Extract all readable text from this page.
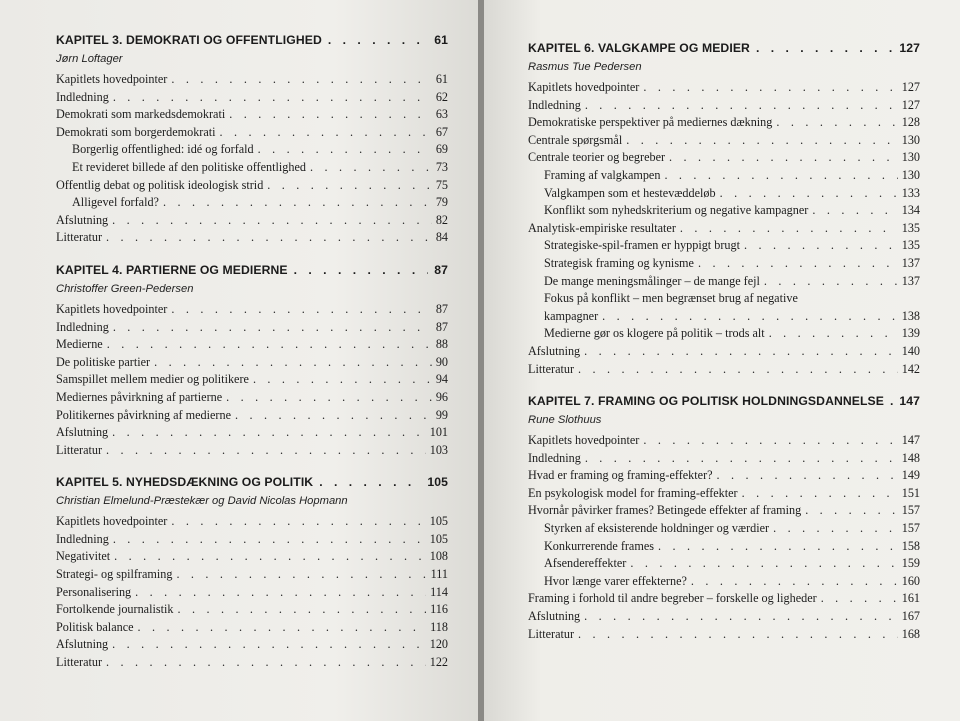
KAPITEL 3. DEMOKRATI OG OFFENTLIGHED . . .	61
Jørn Loftager
Kapitlets hovedpointer . . .	61
Indledning . . .	62
Demokrati som markedsdemokrati . . .	63
Demokrati som borgerdemokrati . . .	67
Borgerlig offentlighed: idé og forfald . . .	69
Et revideret billede af den politiske offentlighed . . .	73
Offentlig debat og politisk ideologisk strid . . .	75
Alligevel forfald? . . .	79
Afslutning . . .	82
Litteratur . . .	84
KAPITEL 4. PARTIERNE OG MEDIERNE . . .	87
Christoffer Green-Pedersen
Kapitlets hovedpointer . . .	87
Indledning . . .	87
Medierne . . .	88
De politiske partier . . .	90
Samspillet mellem medier og politikere . . .	94
Mediernes påvirkning af partierne . . .	96
Politikernes påvirkning af medierne . . .	99
Afslutning . . .	101
Litteratur . . .	103
KAPITEL 5. NYHEDSDÆKNING OG POLITIK . . .	105
Christian Elmelund-Præstekær og David Nicolas Hopmann
Kapitlets hovedpointer . . .	105
Indledning . . .	105
Negativitet . . .	108
Strategi- og spilframing . . .	111
Personalisering . . .	114
Fortolkende journalistik . . .	116
Politisk balance . . .	118
Afslutning . . .	120
Litteratur . . .	122
KAPITEL 6. VALGKAMPE OG MEDIER . . .	127
Rasmus Tue Pedersen
Kapitlets hovedpointer . . .	127
Indledning . . .	127
Demokratiske perspektiver på mediernes dækning . . .	128
Centrale spørgsmål . . .	130
Centrale teorier og begreber . . .	130
Framing af valgkampen . . .	130
Valgkampen som et hestevæddeløb . . .	133
Konflikt som nyhedskriterium og negative kampagner . . .	134
Analytisk-empiriske resultater . . .	135
Strategiske-spil-framen er hyppigt brugt . . .	135
Strategisk framing og kynisme . . .	137
De mange meningsmålinger – de mange fejl . . .	137
Fokus på konflikt – men begrænset brug af negative
kampagner . . .	138
Medierne gør os klogere på politik – trods alt . . .	139
Afslutning . . .	140
Litteratur . . .	142
KAPITEL 7. FRAMING OG POLITISK HOLDNINGSDANNELSE . . .	147
Rune Slothuus
Kapitlets hovedpointer . . .	147
Indledning . . .	148
Hvad er framing og framing-effekter? . . .	149
En psykologisk model for framing-effekter . . .	151
Hvornår påvirker frames? Betingede effekter af framing . . .	157
Styrken af eksisterende holdninger og værdier . . .	157
Konkurrerende frames . . .	158
Afsendereffekter . . .	159
Hvor længe varer effekterne? . . .	160
Framing i forhold til andre begreber – forskelle og ligheder . . .	161
Afslutning . . .	167
Litteratur . . .	168
